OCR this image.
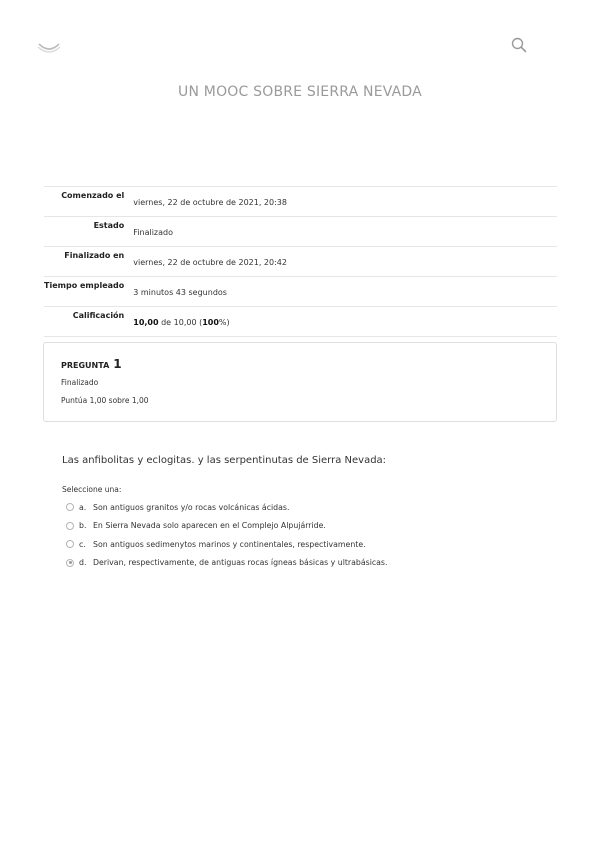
UN MOOC SOBRE SIERRA NEVADA
Comenzado el	viernes, 22 de octubre de 2021, 20:38
Estado	Finalizado
Finalizado en	viernes, 22 de octubre de 2021, 20:42
Tiempo empleado	3 minutos 43 segundos
Calificación	10,00 de 10,00 (100%)
PREGUNTA 1
Finalizado
Puntúa 1,00 sobre 1,00
Las anfibolitas y eclogitas. y las serpentinutas de Sierra Nevada:
Seleccione una:
a. Son antiguos granitos y/o rocas volcánicas ácidas.
b. En Sierra Nevada solo aparecen en el Complejo Alpujárride.
c. Son antiguos sedimenytos marinos y continentales, respectivamente.
d. Derivan, respectivamente, de antiguas rocas ígneas básicas y ultrabásicas.
